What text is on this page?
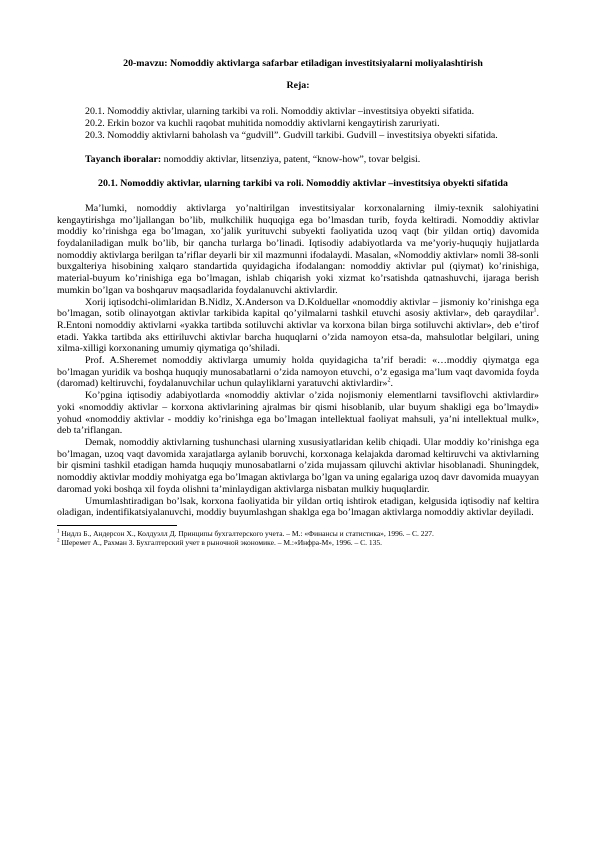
20-mavzu: Nomoddiy aktivlarga safarbar etiladigan investitsiyalarni moliyalashtirish

Reja:

20.1. Nomoddiy aktivlar, ularning tarkibi va roli. Nomoddiy aktivlar –investitsiya obyekti sifatida.

20.2. Erkin bozor va kuchli raqobat muhitida nomoddiy aktivlarni kengaytirish zaruriyati.

20.3. Nomoddiy aktivlarni baholash va “gudvill”. Gudvill tarkibi. Gudvill – investitsiya obyekti sifatida.

Tayanch iboralar: nomoddiy aktivlar, litsenziya, patent, “know-how”, tovar belgisi.

20.1. Nomoddiy aktivlar, ularning tarkibi va roli. Nomoddiy aktivlar –investitsiya obyekti sifatida

Ma’lumki, nomoddiy aktivlarga yo’naltirilgan investitsiyalar korxonalarning ilmiy-texnik salohiyatini kengaytirishga mo’ljallangan bo’lib, mulkchilik huquqiga ega bo’lmasdan turib, foyda keltiradi. Nomoddiy aktivlar moddiy ko’rinishga ega bo’lmagan, xo’jalik yurituvchi subyekti faoliyatida uzoq vaqt (bir yildan ortiq) davomida foydalaniladigan mulk bo’lib, bir qancha turlarga bo’linadi. Iqtisodiy adabiyotlarda va me’yoriy-huquqiy hujjatlarda nomoddiy aktivlarga berilgan ta’riflar deyarli bir xil mazmunni ifodalaydi. Masalan, «Nomoddiy aktivlar» nomli 38-sonli buxgalteriya hisobining xalqaro standartida quyidagicha ifodalangan: nomoddiy aktivlar pul (qiymat) ko’rinishiga, material-buyum ko’rinishiga ega bo’lmagan, ishlab chiqarish yoki xizmat ko’rsatishda qatnashuvchi, ijaraga berish mumkin bo’lgan va boshqaruv maqsadlarida foydalanuvchi aktivlardir.

Xorij iqtisodchi-olimlaridan B.Nidlz, X.Anderson va D.Kolduellar «nomoddiy aktivlar – jismoniy ko’rinishga ega bo’lmagan, sotib olinayotgan aktivlar tarkibida kapital qo’yilmalarni tashkil etuvchi asosiy aktivlar», deb qaraydilar$^1$. R.Entoni nomoddiy aktivlarni «yakka tartibda sotiluvchi aktivlar va korxona bilan birga sotiluvchi aktivlar», deb e’tirof etadi. Yakka tartibda aks ettiriluvchi aktivlar barcha huquqlarni o’zida namoyon etsa-da, mahsulotlar belgilari, uning xilma-xilligi korxonaning umumiy qiymatiga qo’shiladi.

Prof. A.Sheremet nomoddiy aktivlarga umumiy holda quyidagicha ta’rif beradi: «…moddiy qiymatga ega bo’lmagan yuridik va boshqa huquqiy munosabatlarni o’zida namoyon etuvchi, o’z egasiga ma’lum vaqt davomida foyda (daromad) keltiruvchi, foydalanuvchilar uchun qulayliklarni yaratuvchi aktivlardir»$^2$.

Ko’pgina iqtisodiy adabiyotlarda «nomoddiy aktivlar o’zida nojismoniy elementlarni tavsiflovchi aktivlardir» yoki «nomoddiy aktivlar – korxona aktivlarining ajralmas bir qismi hisoblanib, ular buyum shakligi ega bo’lmaydi» yohud «nomoddiy aktivlar - moddiy ko’rinishga ega bo’lmagan intellektual faoliyat mahsuli, ya’ni intellektual mulk», deb ta’riflangan.

Demak, nomoddiy aktivlarning tushunchasi ularning xususiyatlaridan kelib chiqadi. Ular moddiy ko’rinishga ega bo’lmagan, uzoq vaqt davomida xarajatlarga aylanib boruvchi, korxonaga kelajakda daromad keltiruvchi va aktivlarning bir qismini tashkil etadigan hamda huquqiy munosabatlarni o’zida mujassam qiluvchi aktivlar hisoblanadi. Shuningdek, nomoddiy aktivlar moddiy mohiyatga ega bo’lmagan aktivlarga bo’lgan va uning egalariga uzoq davr davomida muayyan daromad yoki boshqa xil foyda olishni ta’minlaydigan aktivlarga nisbatan mulkiy huquqlardir.

Umumlashtiradigan bo’lsak, korxona faoliyatida bir yildan ortiq ishtirok etadigan, kelgusida iqtisodiy naf keltira oladigan, indentifikatsiyalanuvchi, moddiy buyumlashgan shaklga ega bo’lmagan aktivlarga nomoddiy aktivlar deyiladi.

$^1$ Нидлз Б., Андерсон Х., Колдуэлл Д. Принципы бухгалтерского учета. – М.: «Финансы и статистика», 1996. – С. 227.

$^2$ Шеремет А., Рахман З. Бухгалтерский учет в рыночной экономике. – М.:«Инфра-М», 1996. – С. 135.
